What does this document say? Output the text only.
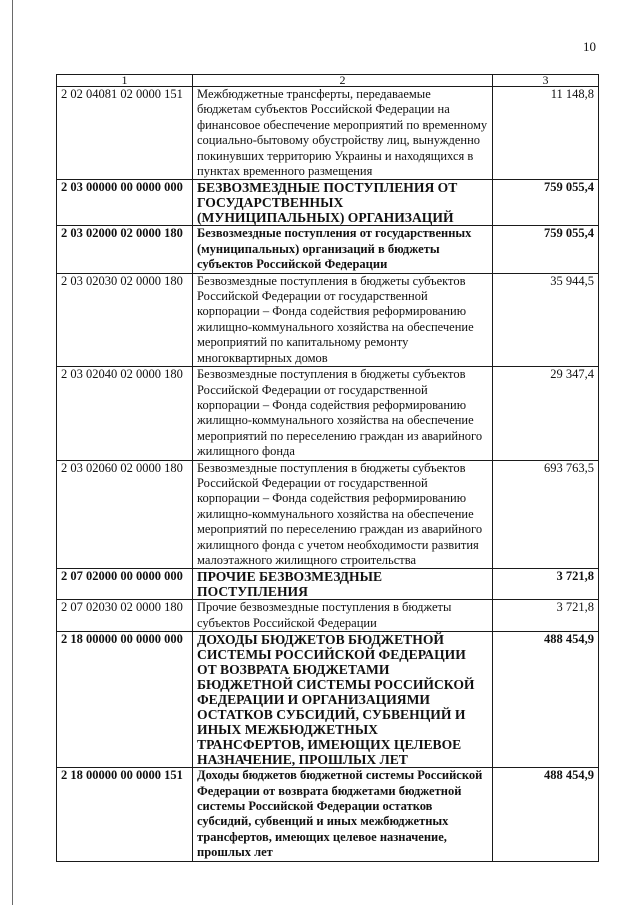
10
1	2	3
2 02 04081 02 0000 151	Межбюджетные трансферты, передаваемые бюджетам субъектов Российской Федерации на финансовое обеспечение мероприятий по временному социально-бытовому обустройству лиц, вынужденно покинувших территорию Украины и находящихся в пунктах временного размещения	11 148,8
2 03 00000 00 0000 000	БЕЗВОЗМЕЗДНЫЕ ПОСТУПЛЕНИЯ ОТ ГОСУДАРСТВЕННЫХ (МУНИЦИПАЛЬНЫХ) ОРГАНИЗАЦИЙ	759 055,4
2 03 02000 02 0000 180	Безвозмездные поступления от государственных (муниципальных) организаций в бюджеты субъектов Российской Федерации	759 055,4
2 03 02030 02 0000 180	Безвозмездные поступления в бюджеты субъектов Российской Федерации от государственной корпорации – Фонда содействия реформированию жилищно-коммунального хозяйства на обеспечение мероприятий по капитальному ремонту многоквартирных домов	35 944,5
2 03 02040 02 0000 180	Безвозмездные поступления в бюджеты субъектов Российской Федерации от государственной корпорации – Фонда содействия реформированию жилищно-коммунального хозяйства на обеспечение мероприятий по переселению граждан из аварийного жилищного фонда	29 347,4
2 03 02060 02 0000 180	Безвозмездные поступления в бюджеты субъектов Российской Федерации от государственной корпорации – Фонда содействия реформированию жилищно-коммунального хозяйства на обеспечение мероприятий по переселению граждан из аварийного жилищного фонда с учетом необходимости развития малоэтажного жилищного строительства	693 763,5
2 07 02000 00 0000 000	ПРОЧИЕ БЕЗВОЗМЕЗДНЫЕ ПОСТУПЛЕНИЯ	3 721,8
2 07 02030 02 0000 180	Прочие безвозмездные поступления в бюджеты субъектов Российской Федерации	3 721,8
2 18 00000 00 0000 000	ДОХОДЫ БЮДЖЕТОВ БЮДЖЕТНОЙ СИСТЕМЫ РОССИЙСКОЙ ФЕДЕРАЦИИ ОТ ВОЗВРАТА БЮДЖЕТАМИ БЮДЖЕТНОЙ СИСТЕМЫ РОССИЙСКОЙ ФЕДЕРАЦИИ И ОРГАНИЗАЦИЯМИ ОСТАТКОВ СУБСИДИЙ, СУБВЕНЦИЙ И ИНЫХ МЕЖБЮДЖЕТНЫХ ТРАНСФЕРТОВ, ИМЕЮЩИХ ЦЕЛЕВОЕ НАЗНАЧЕНИЕ, ПРОШЛЫХ ЛЕТ	488 454,9
2 18 00000 00 0000 151	Доходы бюджетов бюджетной системы Российской Федерации от возврата бюджетами бюджетной системы Российской Федерации остатков субсидий, субвенций и иных межбюджетных трансфертов, имеющих целевое назначение, прошлых лет	488 454,9
